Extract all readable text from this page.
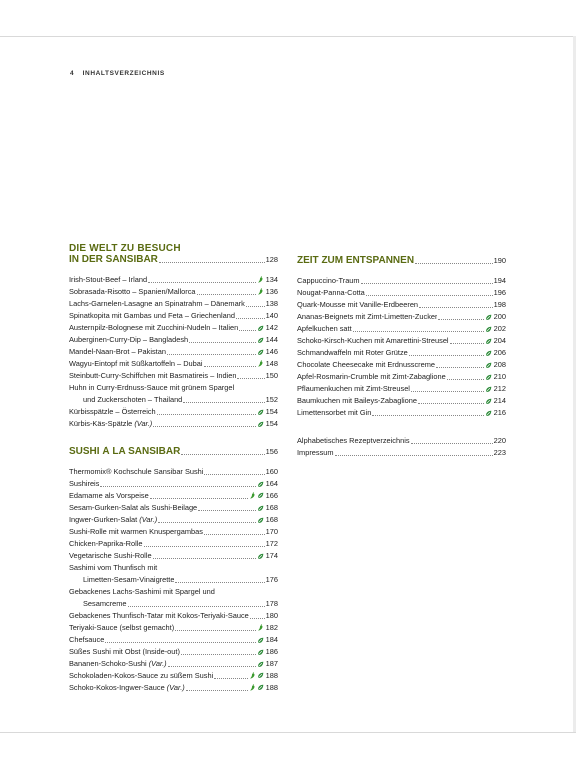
4 INHALTSVERZEICHNIS
DIE WELT ZU BESUCH
IN DER SANSIBAR	128
Irish-Stout-Beef – Irland	134
Sobrasada-Risotto – Spanien/Mallorca	136
Lachs-Garnelen-Lasagne an Spinatrahm – Dänemark	138
Spinatkopita mit Gambas und Feta – Griechenland	140
Austernpilz-Bolognese mit Zucchini-Nudeln – Italien	142
Auberginen-Curry-Dip – Bangladesh	144
Mandel-Naan-Brot – Pakistan	146
Wagyu-Eintopf mit Süßkartoffeln – Dubai	148
Steinbutt-Curry-Schiffchen mit Basmatireis – Indien	150
Huhn in Curry-Erdnuss-Sauce mit grünem Spargel
und Zuckerschoten – Thailand	152
Kürbisspätzle – Österreich	154
Kürbis-Käs-Spätzle (Var.)	154
SUSHI À LA SANSIBAR	156
Thermomix® Kochschule Sansibar Sushi	160
Sushireis	164
Edamame als Vorspeise	166
Sesam-Gurken-Salat als Sushi-Beilage	168
Ingwer-Gurken-Salat (Var.)	168
Sushi-Rolle mit warmen Knuspergambas	170
Chicken-Paprika-Rolle	172
Vegetarische Sushi-Rolle	174
Sashimi vom Thunfisch mit
Limetten-Sesam-Vinaigrette	176
Gebackenes Lachs-Sashimi mit Spargel und
Sesamcreme	178
Gebackenes Thunfisch-Tatar mit Kokos-Teriyaki-Sauce 180
Teriyaki-Sauce (selbst gemacht)	182
Chefsauce	184
Süßes Sushi mit Obst (Inside-out)	186
Bananen-Schoko-Sushi (Var.)	187
Schokoladen-Kokos-Sauce zu süßem Sushi	188
Schoko-Kokos-Ingwer-Sauce (Var.)	188
ZEIT ZUM ENTSPANNEN	190
Cappuccino-Traum	194
Nougat-Panna-Cotta	196
Quark-Mousse mit Vanille-Erdbeeren	198
Ananas-Beignets mit Zimt-Limetten-Zucker	200
Apfelkuchen satt	202
Schoko-Kirsch-Kuchen mit Amarettini-Streusel	204
Schmandwaffeln mit Roter Grütze	206
Chocolate Cheesecake mit Erdnusscreme	208
Apfel-Rosmarin-Crumble mit Zimt-Zabaglione	210
Pflaumenkuchen mit Zimt-Streusel	212
Baumkuchen mit Baileys-Zabaglione	214
Limettensorbet mit Gin	216
Alphabetisches Rezeptverzeichnis	220
Impressum	223
